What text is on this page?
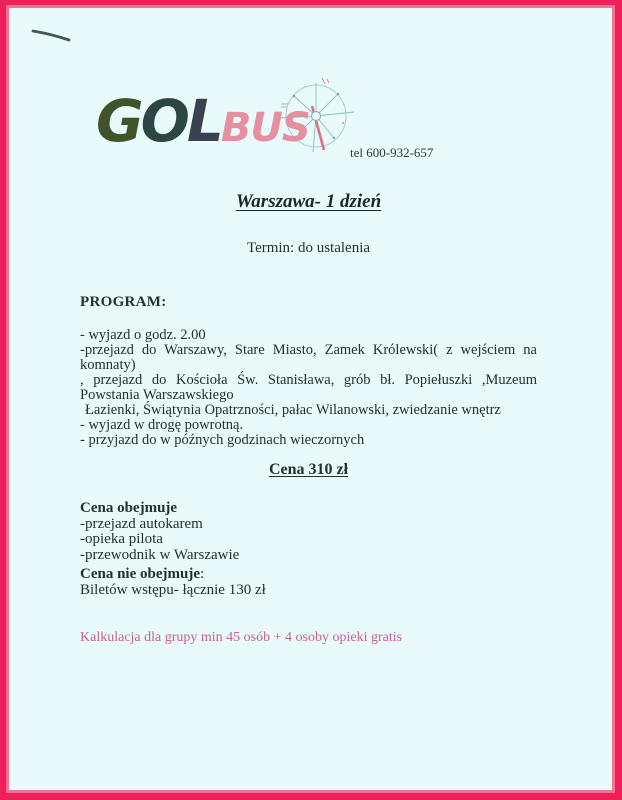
GOLBUS
tel 600-932-657
Warszawa- 1 dzień
Termin: do ustalenia
PROGRAM:
- wyjazd o godz. 2.00
-przejazd do Warszawy, Stare Miasto, Zamek Królewski( z wejściem na
komnaty)
, przejazd do Kościoła Św. Stanisława, grób bł. Popiełuszki ,Muzeum
Powstania Warszawskiego
Łazienki, Świątynia Opatrzności, pałac Wilanowski, zwiedzanie wnętrz
- wyjazd w drogę powrotną.
- przyjazd do w późnych godzinach wieczornych
Cena 310 zł
Cena obejmuje
-przejazd autokarem
-opieka pilota
-przewodnik w Warszawie
Cena nie obejmuje:
Biletów wstępu- łącznie 130 zł
Kalkulacja dla grupy min 45 osób + 4 osoby opieki gratis
